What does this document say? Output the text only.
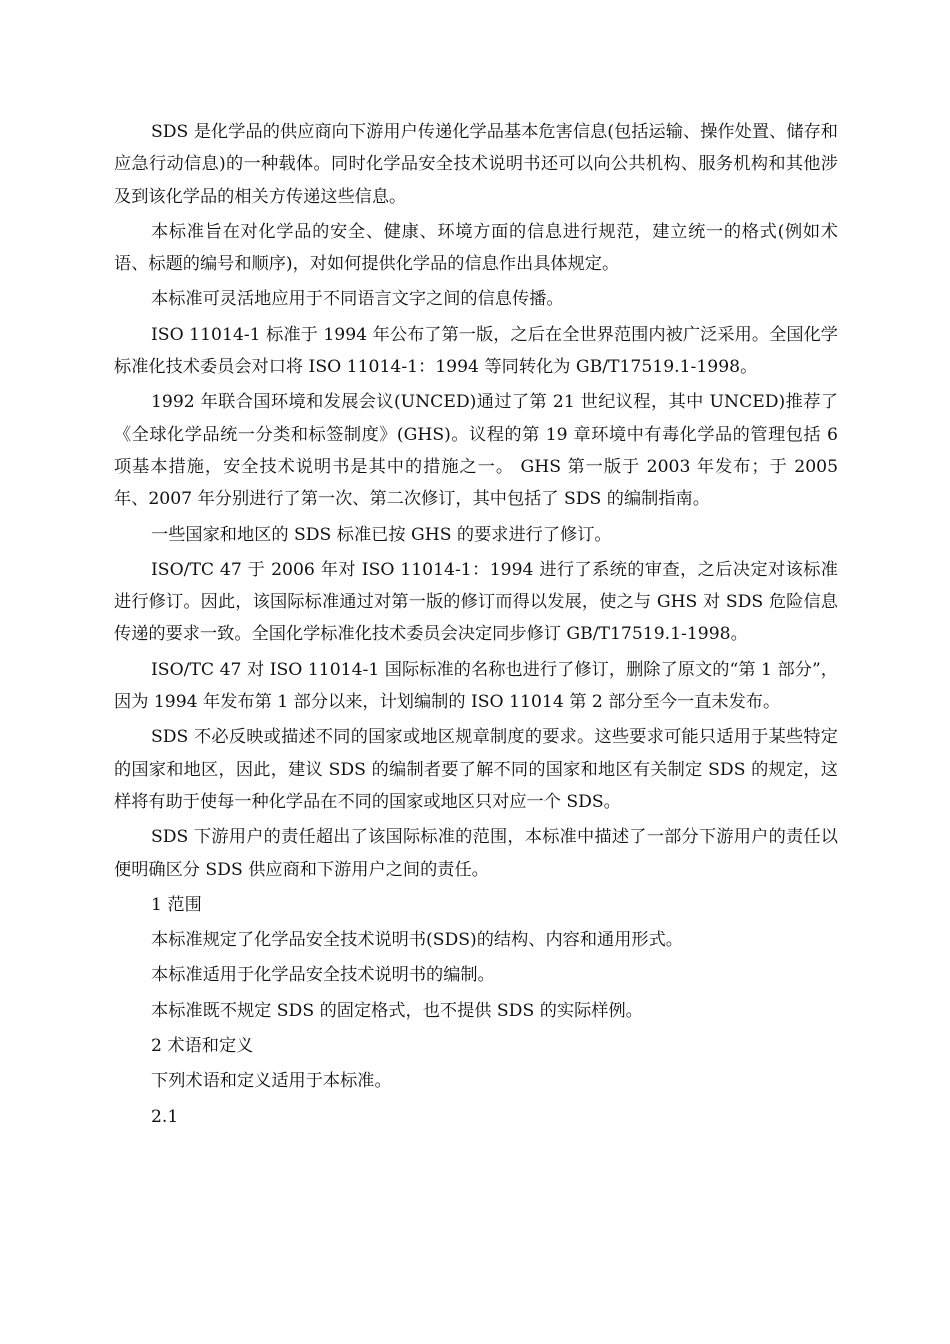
SDS 是化学品的供应商向下游用户传递化学品基本危害信息(包括运输、操作处置、储存和应急行动信息)的一种载体。同时化学品安全技术说明书还可以向公共机构、服务机构和其他涉及到该化学品的相关方传递这些信息。

本标准旨在对化学品的安全、健康、环境方面的信息进行规范，建立统一的格式(例如术语、标题的编号和顺序)，对如何提供化学品的信息作出具体规定。

本标准可灵活地应用于不同语言文字之间的信息传播。

ISO 11014-1 标准于 1994 年公布了第一版，之后在全世界范围内被广泛采用。全国化学标准化技术委员会对口将 ISO 11014-1：1994 等同转化为 GB/T17519.1-1998。

1992 年联合国环境和发展会议(UNCED)通过了第 21 世纪议程，其中 UNCED)推荐了《全球化学品统一分类和标签制度》(GHS)。议程的第 19 章环境中有毒化学品的管理包括 6 项基本措施，安全技术说明书是其中的措施之一。 GHS 第一版于 2003 年发布；于 2005 年、2007 年分别进行了第一次、第二次修订，其中包括了 SDS 的编制指南。

一些国家和地区的 SDS 标准已按 GHS 的要求进行了修订。

ISO/TC 47 于 2006 年对 ISO 11014-1：1994 进行了系统的审查，之后决定对该标准进行修订。因此，该国际标准通过对第一版的修订而得以发展，使之与 GHS 对 SDS 危险信息传递的要求一致。全国化学标准化技术委员会决定同步修订 GB/T17519.1-1998。

ISO/TC 47 对 ISO 11014-1 国际标准的名称也进行了修订，删除了原文的“第 1 部分”，因为 1994 年发布第 1 部分以来，计划编制的 ISO 11014 第 2 部分至今一直未发布。

SDS 不必反映或描述不同的国家或地区规章制度的要求。这些要求可能只适用于某些特定的国家和地区，因此，建议 SDS 的编制者要了解不同的国家和地区有关制定 SDS 的规定，这样将有助于使每一种化学品在不同的国家或地区只对应一个 SDS。

SDS 下游用户的责任超出了该国际标准的范围，本标准中描述了一部分下游用户的责任以便明确区分 SDS 供应商和下游用户之间的责任。

1 范围

本标准规定了化学品安全技术说明书(SDS)的结构、内容和通用形式。

本标准适用于化学品安全技术说明书的编制。

本标准既不规定 SDS 的固定格式，也不提供 SDS 的实际样例。

2 术语和定义

下列术语和定义适用于本标准。

2.1
